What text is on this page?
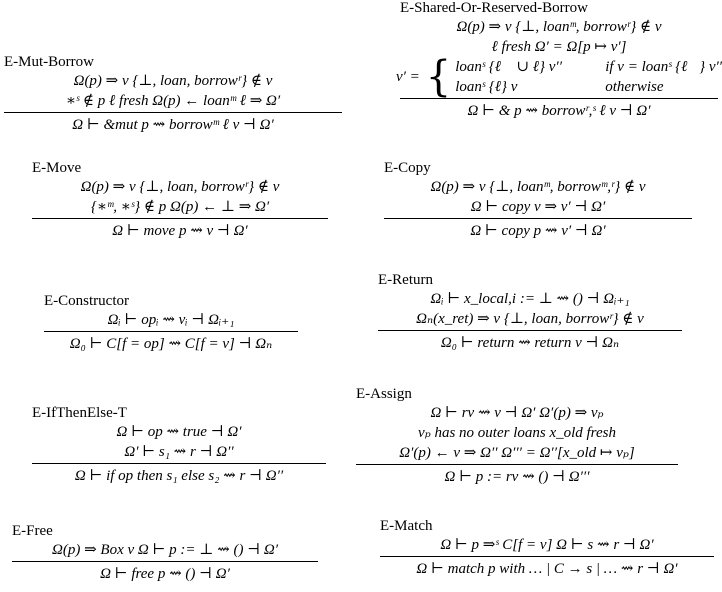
E-Mut-Borrow
Ω(p) ⇒ v {⊥, loan, borrowʳ} ∉ v
∗ˢ ∉ p ℓ fresh Ω(p) ← loanᵐ ℓ ⇒ Ω′
Ω ⊢ &mut p ⇝ borrowᵐ ℓ v ⊣ Ω′
E-Shared-Or-Reserved-Borrow
Ω(p) ⇒ v {⊥, loanᵐ, borrowʳ} ∉ v
ℓ fresh Ω′ = Ω[p ↦ v′]
v′ = { loanˢ {ℓ⃗ ∪ ℓ} v′′	if v = loanˢ {ℓ⃗} v′′
loanˢ {ℓ} v	otherwise
Ω ⊢ & p ⇝ borrowʳ,ˢ ℓ v ⊣ Ω′
E-Move
Ω(p) ⇒ v {⊥, loan, borrowʳ} ∉ v
{∗ᵐ, ∗ˢ} ∉ p Ω(p) ← ⊥ ⇒ Ω′
Ω ⊢ move p ⇝ v ⊣ Ω′
E-Copy
Ω(p) ⇒ v {⊥, loanᵐ, borrowᵐ,ʳ} ∉ v
Ω ⊢ copy v ⇒ v′ ⊣ Ω′
Ω ⊢ copy p ⇝ v′ ⊣ Ω′
E-Constructor
Ωᵢ ⊢ opᵢ ⇝ vᵢ ⊣ Ωᵢ₊₁
Ω₀ ⊢ C[f = op] ⇝ C[f = v] ⊣ Ωₙ
E-Return
Ωᵢ ⊢ x_local,i := ⊥ ⇝ () ⊣ Ωᵢ₊₁
Ωₙ(x_ret) ⇒ v {⊥, loan, borrowʳ} ∉ v
Ω₀ ⊢ return ⇝ return v ⊣ Ωₙ
E-IfThenElse-T
Ω ⊢ op ⇝ true ⊣ Ω′
Ω′ ⊢ s₁ ⇝ r ⊣ Ω′′
Ω ⊢ if op then s₁ else s₂ ⇝ r ⊣ Ω′′
E-Assign
Ω ⊢ rv ⇝ v ⊣ Ω′ Ω′(p) ⇒ vₚ
vₚ has no outer loans x_old fresh
Ω′(p) ← v ⇒ Ω′′ Ω′′′ = Ω′′[x_old ↦ vₚ]
Ω ⊢ p := rv ⇝ () ⊣ Ω′′′
E-Free
Ω(p) ⇒ Box v Ω ⊢ p := ⊥ ⇝ () ⊣ Ω′
Ω ⊢ free p ⇝ () ⊣ Ω′
E-Match
Ω ⊢ p ⇒ˢ C[f = v] Ω ⊢ s ⇝ r ⊣ Ω′
Ω ⊢ match p with … | C → s | … ⇝ r ⊣ Ω′
